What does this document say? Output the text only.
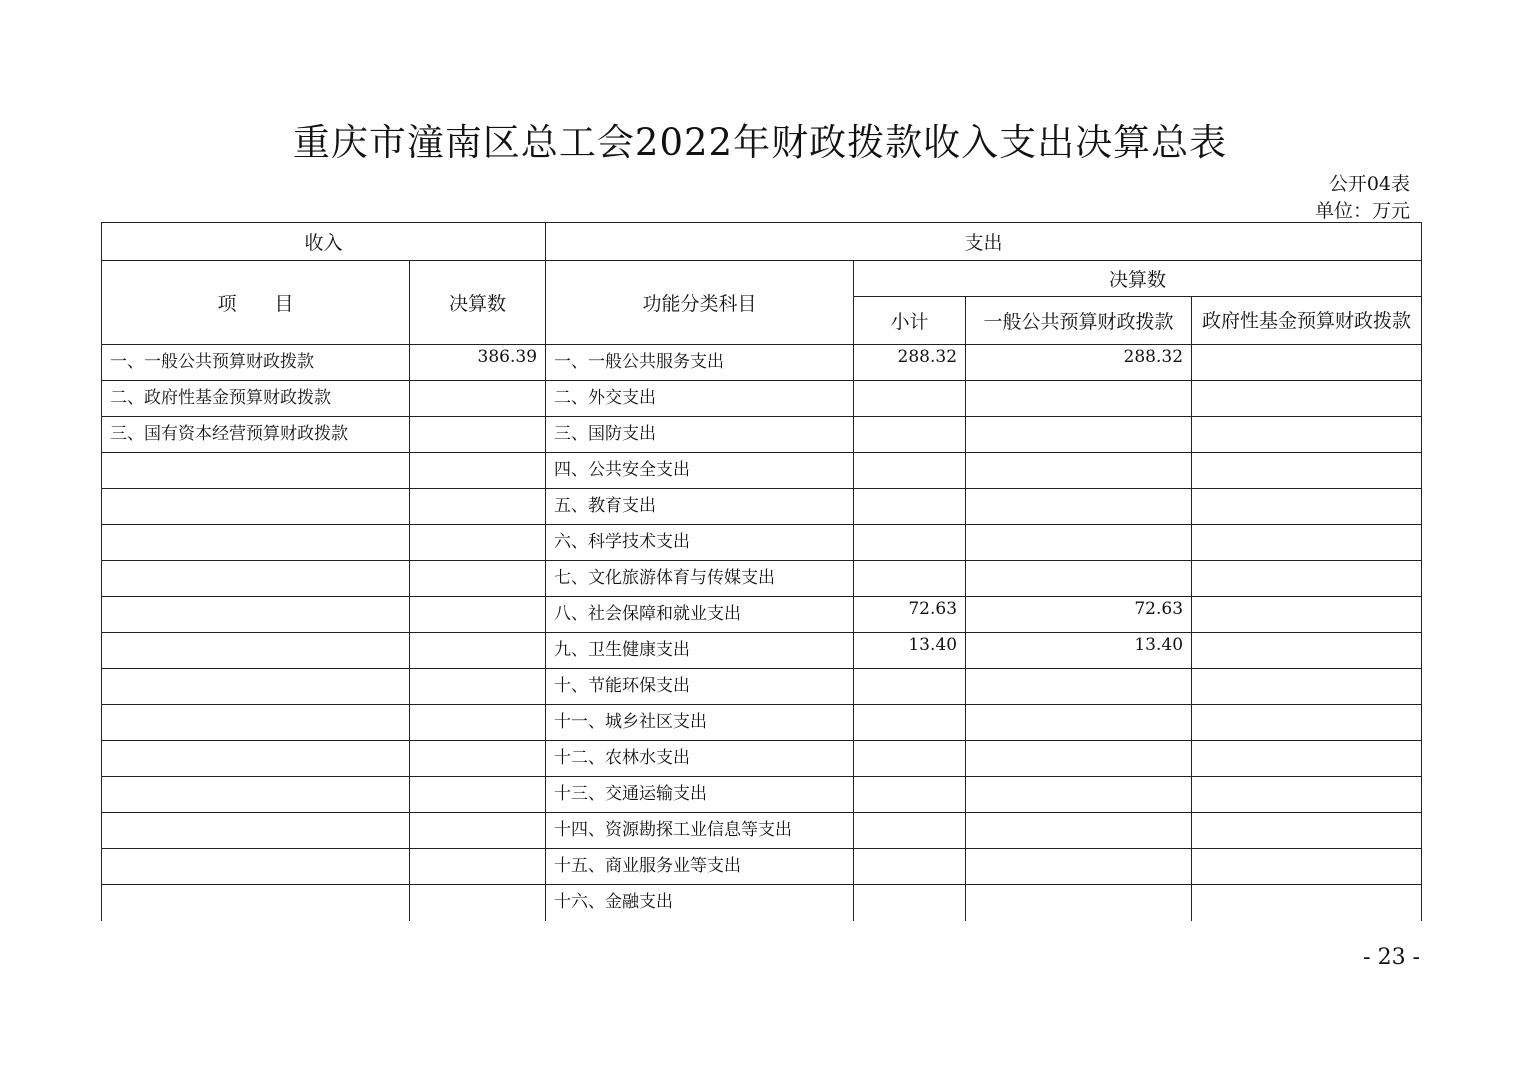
重庆市潼南区总工会2022年财政拨款收入支出决算总表
公开04表
单位：万元
收入		支出			
项　　目	决算数	功能分类科目	决算数		
			小计	一般公共预算财政拨款	政府性基金预算财政拨款
一、一般公共预算财政拨款	386.39	一、一般公共服务支出	288.32	288.32	
二、政府性基金预算财政拨款		二、外交支出			
三、国有资本经营预算财政拨款		三、国防支出			
		四、公共安全支出			
		五、教育支出			
		六、科学技术支出			
		七、文化旅游体育与传媒支出			
		八、社会保障和就业支出	72.63	72.63	
		九、卫生健康支出	13.40	13.40	
		十、节能环保支出			
		十一、城乡社区支出			
		十二、农林水支出			
		十三、交通运输支出			
		十四、资源勘探工业信息等支出			
		十五、商业服务业等支出			
		十六、金融支出			
- 23 -
